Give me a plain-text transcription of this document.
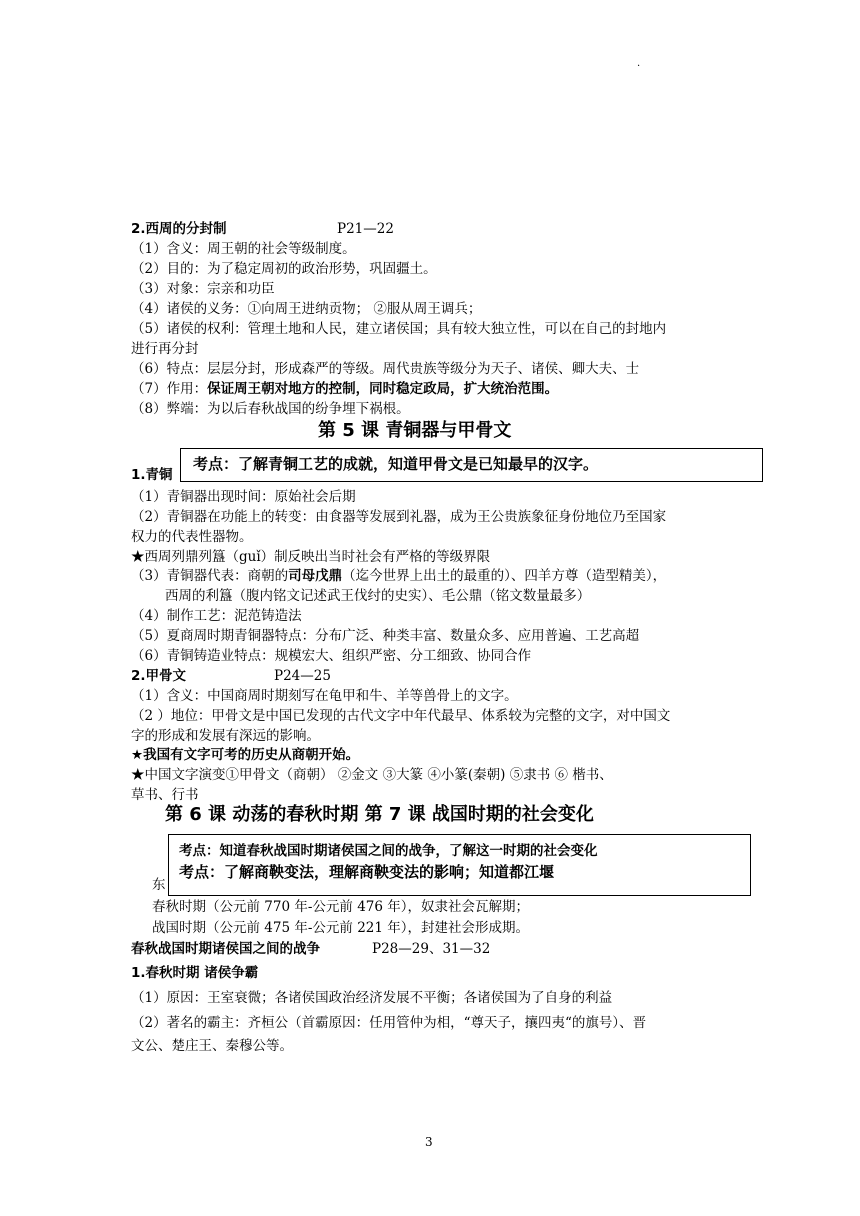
.
2.西周的分封制	P21—22
（1）含义：周王朝的社会等级制度。
（2）目的：为了稳定周初的政治形势，巩固疆土。
（3）对象：宗亲和功臣
（4）诸侯的义务：①向周王进纳贡物； ②服从周王调兵；
（5）诸侯的权利：管理土地和人民，建立诸侯国；具有较大独立性，可以在自己的封地内
进行再分封
（6）特点：层层分封，形成森严的等级。周代贵族等级分为天子、诸侯、卿大夫、士
（7）作用：保证周王朝对地方的控制，同时稳定政局，扩大统治范围。
（8）弊端：为以后春秋战国的纷争埋下祸根。
第 5 课 青铜器与甲骨文
1.青铜
考点：了解青铜工艺的成就，知道甲骨文是已知最早的汉字。
（1）青铜器出现时间：原始社会后期
（2）青铜器在功能上的转变：由食器等发展到礼器，成为王公贵族象征身份地位乃至国家
权力的代表性器物。
★西周列鼎列簋（guǐ）制反映出当时社会有严格的等级界限
（3）青铜器代表：商朝的司母戊鼎（迄今世界上出土的最重的）、四羊方尊（造型精美），
西周的利簋（腹内铭文记述武王伐纣的史实）、毛公鼎（铭文数量最多）
（4）制作工艺：泥范铸造法
（5）夏商周时期青铜器特点：分布广泛、种类丰富、数量众多、应用普遍、工艺高超
（6）青铜铸造业特点：规模宏大、组织严密、分工细致、协同合作
2.甲骨文	P24—25
（1）含义：中国商周时期刻写在龟甲和牛、羊等兽骨上的文字。
（2 ）地位：甲骨文是中国已发现的古代文字中年代最早、体系较为完整的文字，对中国文
字的形成和发展有深远的影响。
★我国有文字可考的历史从商朝开始。
★中国文字演变①甲骨文（商朝） ②金文 ③大篆 ④小篆(秦朝) ⑤隶书 ⑥ 楷书、
草书、行书
第 6 课 动荡的春秋时期 第 7 课 战国时期的社会变化
东
考点：知道春秋战国时期诸侯国之间的战争，了解这一时期的社会变化
考点：了解商鞅变法，理解商鞅变法的影响；知道都江堰
春秋时期（公元前 770 年-公元前 476 年），奴隶社会瓦解期；
战国时期（公元前 475 年-公元前 221 年），封建社会形成期。
春秋战国时期诸侯国之间的战争	P28—29、31—32
1.春秋时期 诸侯争霸
（1）原因：王室衰微；各诸侯国政治经济发展不平衡；各诸侯国为了自身的利益
（2）著名的霸主：齐桓公（首霸原因：任用管仲为相，“尊天子，攘四夷“的旗号）、晋
文公、楚庄王、秦穆公等。
3
